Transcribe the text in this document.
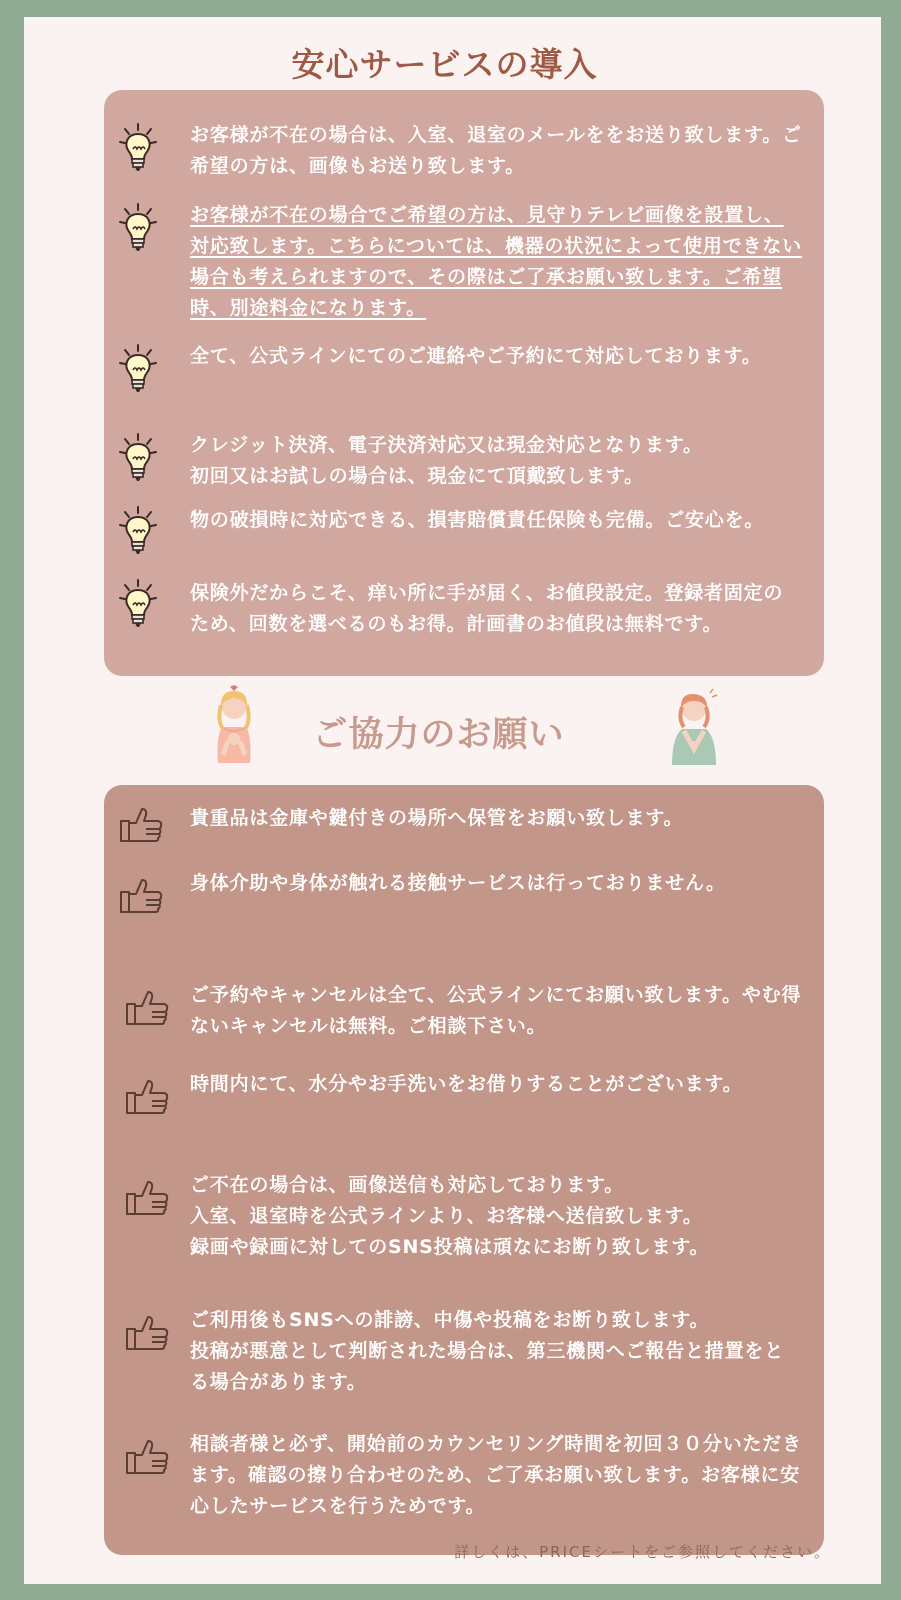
安心サービスの導入

お客様が不在の場合は、入室、退室のメールををお送り致します。ご希望の方は、画像もお送り致します。

お客様が不在の場合でご希望の方は、見守りテレビ画像を設置し、対応致します。こちらについては、機器の状況によって使用できない場合も考えられますので、その際はご了承お願い致します。ご希望時、別途料金になります。

全て、公式ラインにてのご連絡やご予約にて対応しております。

クレジット決済、電子決済対応又は現金対応となります。
初回又はお試しの場合は、現金にて頂戴致します。

物の破損時に対応できる、損害賠償責任保険も完備。ご安心を。

保険外だからこそ、痒い所に手が届く、お値段設定。登録者固定のため、回数を選べるのもお得。計画書のお値段は無料です。

ご協力のお願い

貴重品は金庫や鍵付きの場所へ保管をお願い致します。

身体介助や身体が触れる接触サービスは行っておりません。

ご予約やキャンセルは全て、公式ラインにてお願い致します。やむ得ないキャンセルは無料。ご相談下さい。

時間内にて、水分やお手洗いをお借りすることがございます。

ご不在の場合は、画像送信も対応しております。
入室、退室時を公式ラインより、お客様へ送信致します。
録画や録画に対してのSNS投稿は頑なにお断り致します。

ご利用後もSNSへの誹謗、中傷や投稿をお断り致します。
投稿が悪意として判断された場合は、第三機関へご報告と措置をとる場合があります。

相談者様と必ず、開始前のカウンセリング時間を初回３０分いただきます。確認の擦り合わせのため、ご了承お願い致します。お客様に安心したサービスを行うためです。

詳しくは、PRICEシートをご参照してください。
